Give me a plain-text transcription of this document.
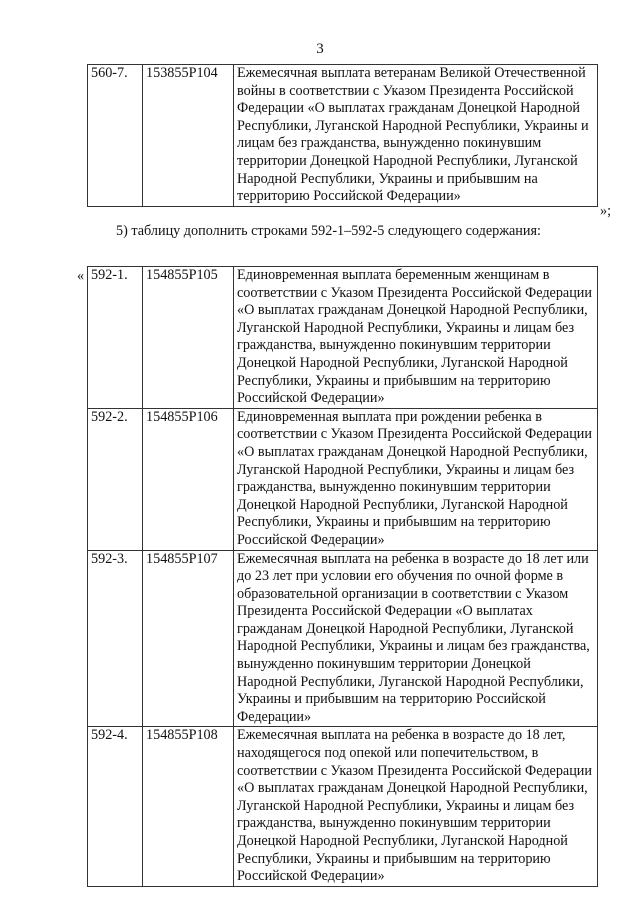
3
560-7.	153855Р104	Ежемесячная выплата ветеранам Великой Отечественной войны в соответствии с Указом Президента Российской Федерации «О выплатах гражданам Донецкой Народной Республики, Луганской Народной Республики, Украины и лицам без гражданства, вынужденно покинувшим территории Донецкой Народной Республики, Луганской Народной Республики, Украины и прибывшим на территорию Российской Федерации»
»;
5) таблицу дополнить строками 592-1–592-5 следующего содержания:
« 592-1.	154855Р105	Единовременная выплата беременным женщинам в соответствии с Указом Президента Российской Федерации «О выплатах гражданам Донецкой Народной Республики, Луганской Народной Республики, Украины и лицам без гражданства, вынужденно покинувшим территории Донецкой Народной Республики, Луганской Народной Республики, Украины и прибывшим на территорию Российской Федерации»
592-2.	154855Р106	Единовременная выплата при рождении ребенка в соответствии с Указом Президента Российской Федерации «О выплатах гражданам Донецкой Народной Республики, Луганской Народной Республики, Украины и лицам без гражданства, вынужденно покинувшим территории Донецкой Народной Республики, Луганской Народной Республики, Украины и прибывшим на территорию Российской Федерации»
592-3.	154855Р107	Ежемесячная выплата на ребенка в возрасте до 18 лет или до 23 лет при условии его обучения по очной форме в образовательной организации в соответствии с Указом Президента Российской Федерации «О выплатах гражданам Донецкой Народной Республики, Луганской Народной Республики, Украины и лицам без гражданства, вынужденно покинувшим территории Донецкой Народной Республики, Луганской Народной Республики, Украины и прибывшим на территорию Российской Федерации»
592-4.	154855Р108	Ежемесячная выплата на ребенка в возрасте до 18 лет, находящегося под опекой или попечительством, в соответствии с Указом Президента Российской Федерации «О выплатах гражданам Донецкой Народной Республики, Луганской Народной Республики, Украины и лицам без гражданства, вынужденно покинувшим территории Донецкой Народной Республики, Луганской Народной Республики, Украины и прибывшим на территорию Российской Федерации»
